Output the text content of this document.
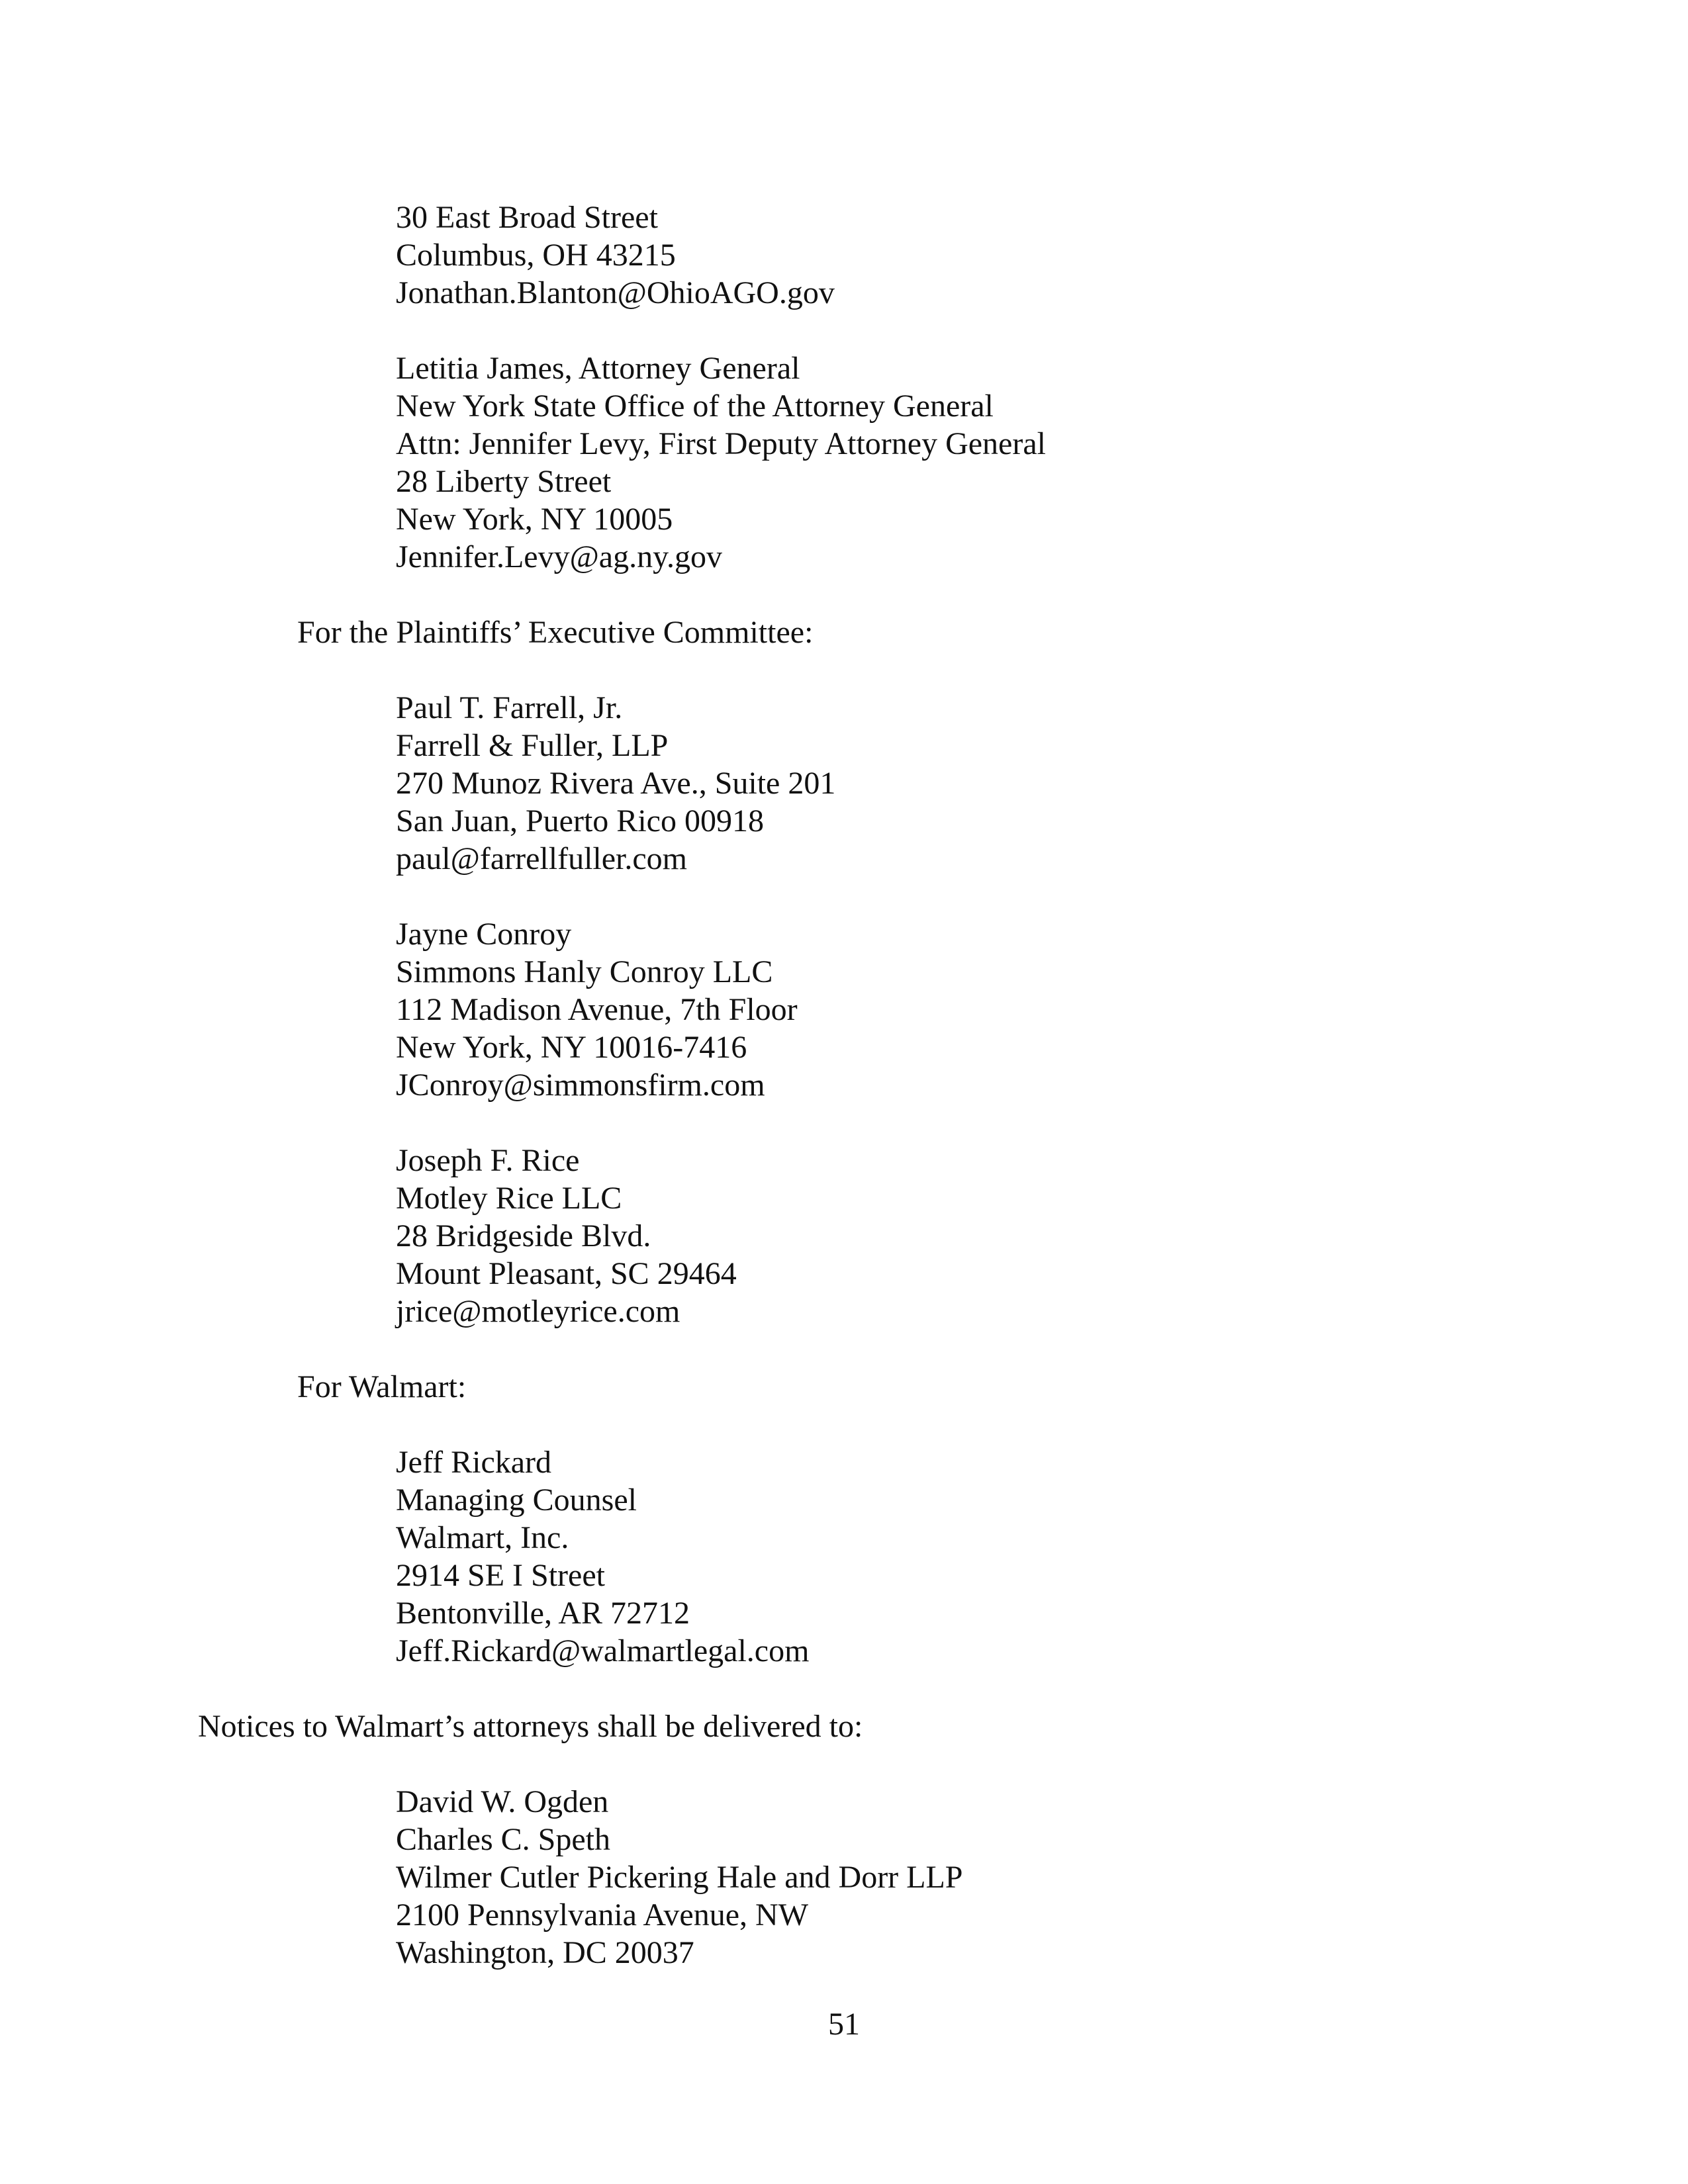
30 East Broad Street
Columbus, OH 43215
Jonathan.Blanton@OhioAGO.gov
Letitia James, Attorney General
New York State Office of the Attorney General
Attn: Jennifer Levy, First Deputy Attorney General
28 Liberty Street
New York, NY 10005
Jennifer.Levy@ag.ny.gov
For the Plaintiffs’ Executive Committee:
Paul T. Farrell, Jr.
Farrell & Fuller, LLP
270 Munoz Rivera Ave., Suite 201
San Juan, Puerto Rico 00918
paul@farrellfuller.com
Jayne Conroy
Simmons Hanly Conroy LLC
112 Madison Avenue, 7th Floor
New York, NY 10016-7416
JConroy@simmonsfirm.com
Joseph F. Rice
Motley Rice LLC
28 Bridgeside Blvd.
Mount Pleasant, SC 29464
jrice@motleyrice.com
For Walmart:
Jeff Rickard
Managing Counsel
Walmart, Inc.
2914 SE I Street
Bentonville, AR 72712
Jeff.Rickard@walmartlegal.com
Notices to Walmart’s attorneys shall be delivered to:
David W. Ogden
Charles C. Speth
Wilmer Cutler Pickering Hale and Dorr LLP
2100 Pennsylvania Avenue, NW
Washington, DC 20037
51
